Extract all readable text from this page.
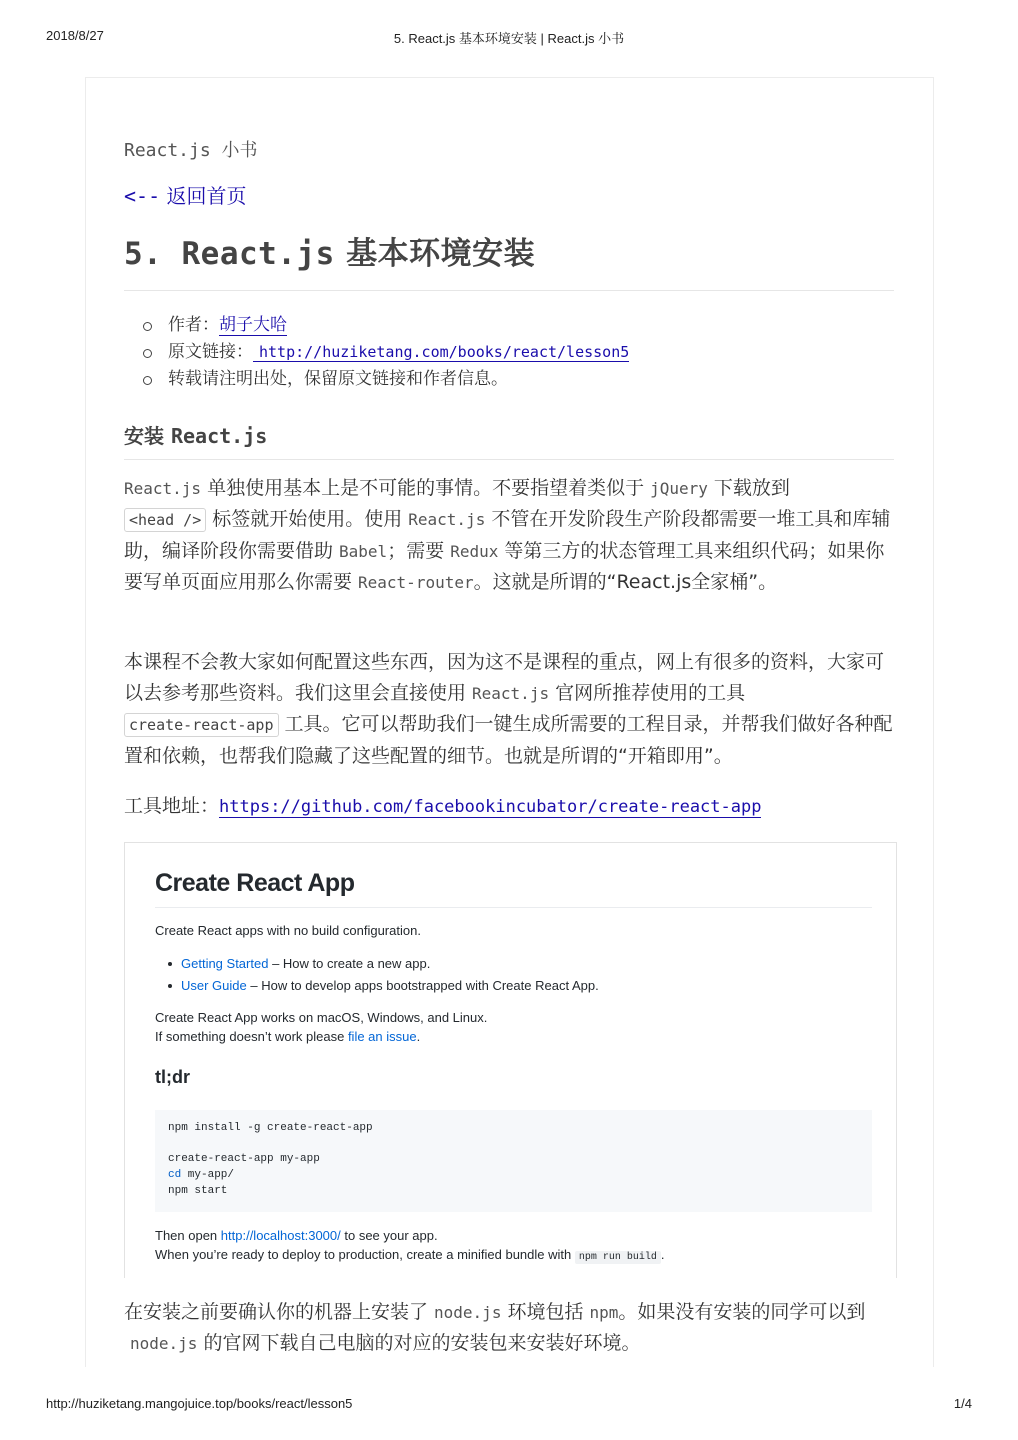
2018/8/27	5. React.js 基本环境安装 | React.js 小书
React.js 小书
<-- 返回首页
5. React.js 基本环境安装
作者：胡子大哈
原文链接： http://huziketang.com/books/react/lesson5
转载请注明出处，保留原文链接和作者信息。
安装 React.js

React.js 单独使用基本上是不可能的事情。不要指望着类似于 jQuery 下载放到
<head /> 标签就开始使用。使用 React.js 不管在开发阶段生产阶段都需要一堆工具和库辅助，编译阶段你需要借助 Babel；需要 Redux 等第三方的状态管理工具来组织代码；如果你要写单页面应用那么你需要 React-router。这就是所谓的“React.js全家桶”。

本课程不会教大家如何配置这些东西，因为这不是课程的重点，网上有很多的资料，大家可以去参考那些资料。我们这里会直接使用 React.js 官网所推荐使用的工具
create-react-app 工具。它可以帮助我们一键生成所需要的工程目录，并帮我们做好各种配置和依赖，也帮我们隐藏了这些配置的细节。也就是所谓的“开箱即用”。

工具地址：https://github.com/facebookincubator/create-react-app

Create React App
Create React apps with no build configuration.
Getting Started – How to create a new app.
User Guide – How to develop apps bootstrapped with Create React App.
Create React App works on macOS, Windows, and Linux.
If something doesn’t work please file an issue.
tl;dr
npm install -g create-react-app
create-react-app my-app
cd my-app/
npm start
Then open http://localhost:3000/ to see your app.
When you’re ready to deploy to production, create a minified bundle with npm run build .

在安装之前要确认你的机器上安装了 node.js 环境包括 npm。如果没有安装的同学可以到node.js 的官网下载自己电脑的对应的安装包来安装好环境。

http://huziketang.mangojuice.top/books/react/lesson5	1/4
